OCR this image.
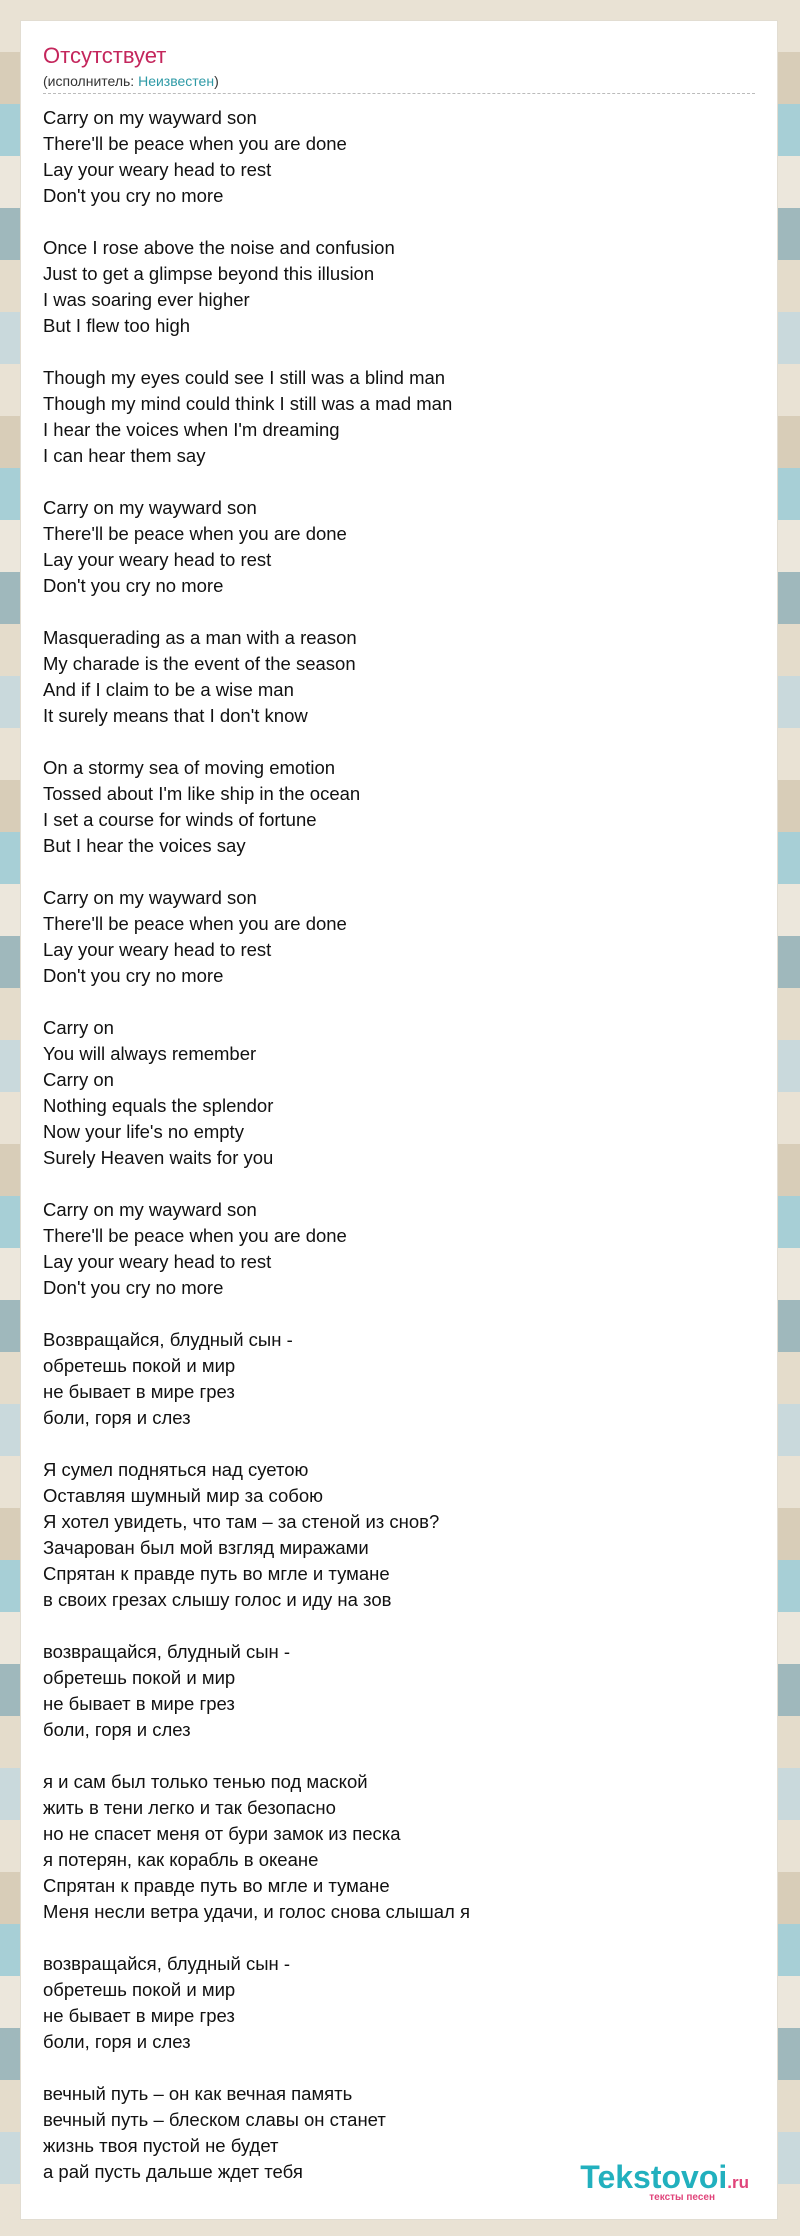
Отсутствует
(исполнитель: Неизвестен)
Carry on my wayward son
There'll be peace when you are done
Lay your weary head to rest
Don't you cry no more
Once I rose above the noise and confusion
Just to get a glimpse beyond this illusion
I was soaring ever higher
But I flew too high
Though my eyes could see I still was a blind man
Though my mind could think I still was a mad man
I hear the voices when I'm dreaming
I can hear them say
Carry on my wayward son
There'll be peace when you are done
Lay your weary head to rest
Don't you cry no more
Masquerading as a man with a reason
My charade is the event of the season
And if I claim to be a wise man
It surely means that I don't know
On a stormy sea of moving emotion
Tossed about I'm like ship in the ocean
I set a course for winds of fortune
But I hear the voices say
Carry on my wayward son
There'll be peace when you are done
Lay your weary head to rest
Don't you cry no more
Carry on
You will always remember
Carry on
Nothing equals the splendor
Now your life's no empty
Surely Heaven waits for you
Carry on my wayward son
There'll be peace when you are done
Lay your weary head to rest
Don't you cry no more
Возвращайся, блудный сын -
обретешь покой и мир
не бывает в мире грез
боли, горя и слез
Я сумел подняться над суетою
Оставляя шумный мир за собою
Я хотел увидеть, что там – за стеной из снов?
Зачарован был мой взгляд миражами
Спрятан к правде путь во мгле и тумане
в своих грезах слышу голос и иду на зов
возвращайся, блудный сын -
обретешь покой и мир
не бывает в мире грез
боли, горя и слез
я и сам был только тенью под маской
жить в тени легко и так безопасно
но не спасет меня от бури замок из песка
я потерян, как корабль в океане
Спрятан к правде путь во мгле и тумане
Меня несли ветра удачи, и голос снова слышал я
возвращайся, блудный сын -
обретешь покой и мир
не бывает в мире грез
боли, горя и слез
вечный путь – он как вечная память
вечный путь – блеском славы он станет
жизнь твоя пустой не будет
а рай пусть дальше ждет тебя	Tekstovoi.ru
тексты песен
